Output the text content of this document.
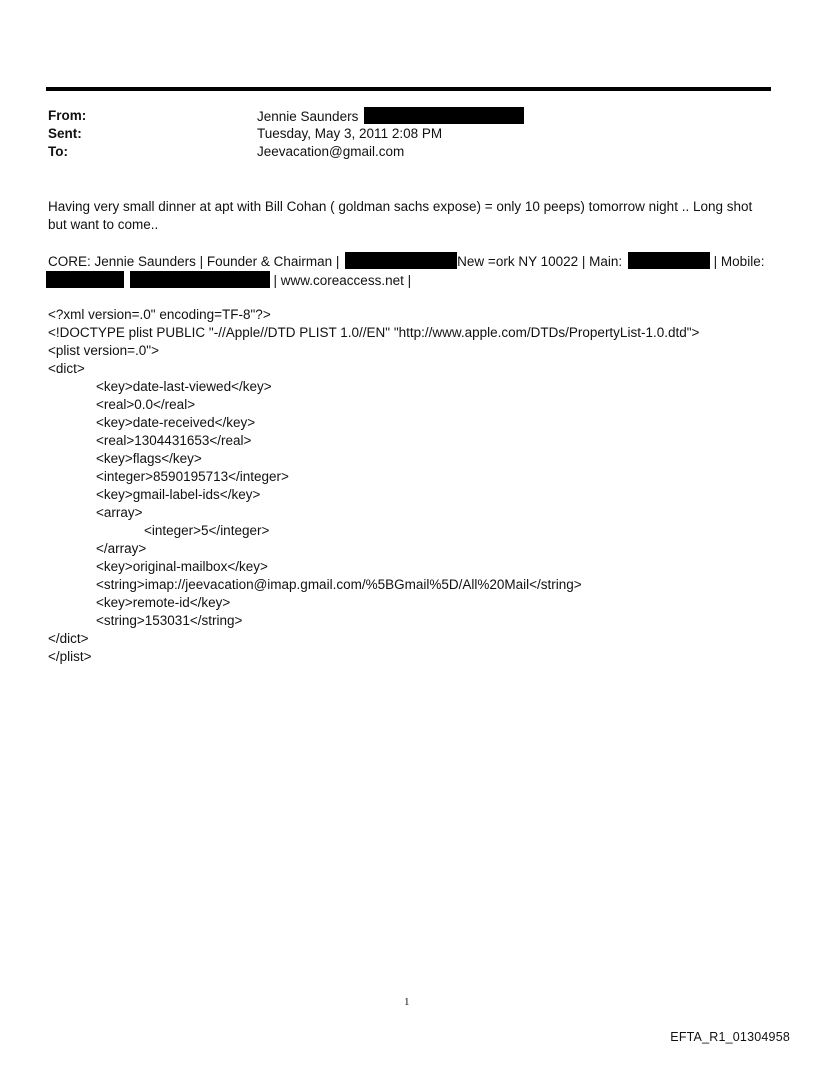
From:	Jennie Saunders
Sent:	Tuesday, May 3, 2011 2:08 PM
To:	Jeevacation@gmail.com

Having very small dinner at apt with Bill Cohan ( goldman sachs expose) = only 10 peeps) tomorrow night .. Long shot

but want to come..

CORE: Jennie Saunders | Founder & Chairman |	New =ork NY 10022 | Main:	| Mobile:
| www.coreaccess.net |
<?xml version=.0" encoding=TF-8"?>
<!DOCTYPE plist PUBLIC "-//Apple//DTD PLIST 1.0//EN" "http://www.apple.com/DTDs/PropertyList-1.0.dtd">
<plist version=.0">
<dict>
<key>date-last-viewed</key>
<real>0.0</real>
<key>date-received</key>
<real>1304431653</real>
<key>flags</key>
<integer>8590195713</integer>
<key>gmail-label-ids</key>
<array>
<integer>5</integer>
</array>
<key>original-mailbox</key>
<string>imap://jeevacation@imap.gmail.com/%5BGmail%5D/All%20Mail</string>
<key>remote-id</key>
<string>153031</string>
</dict>
</plist>
1
EFTA_R1_01304958
